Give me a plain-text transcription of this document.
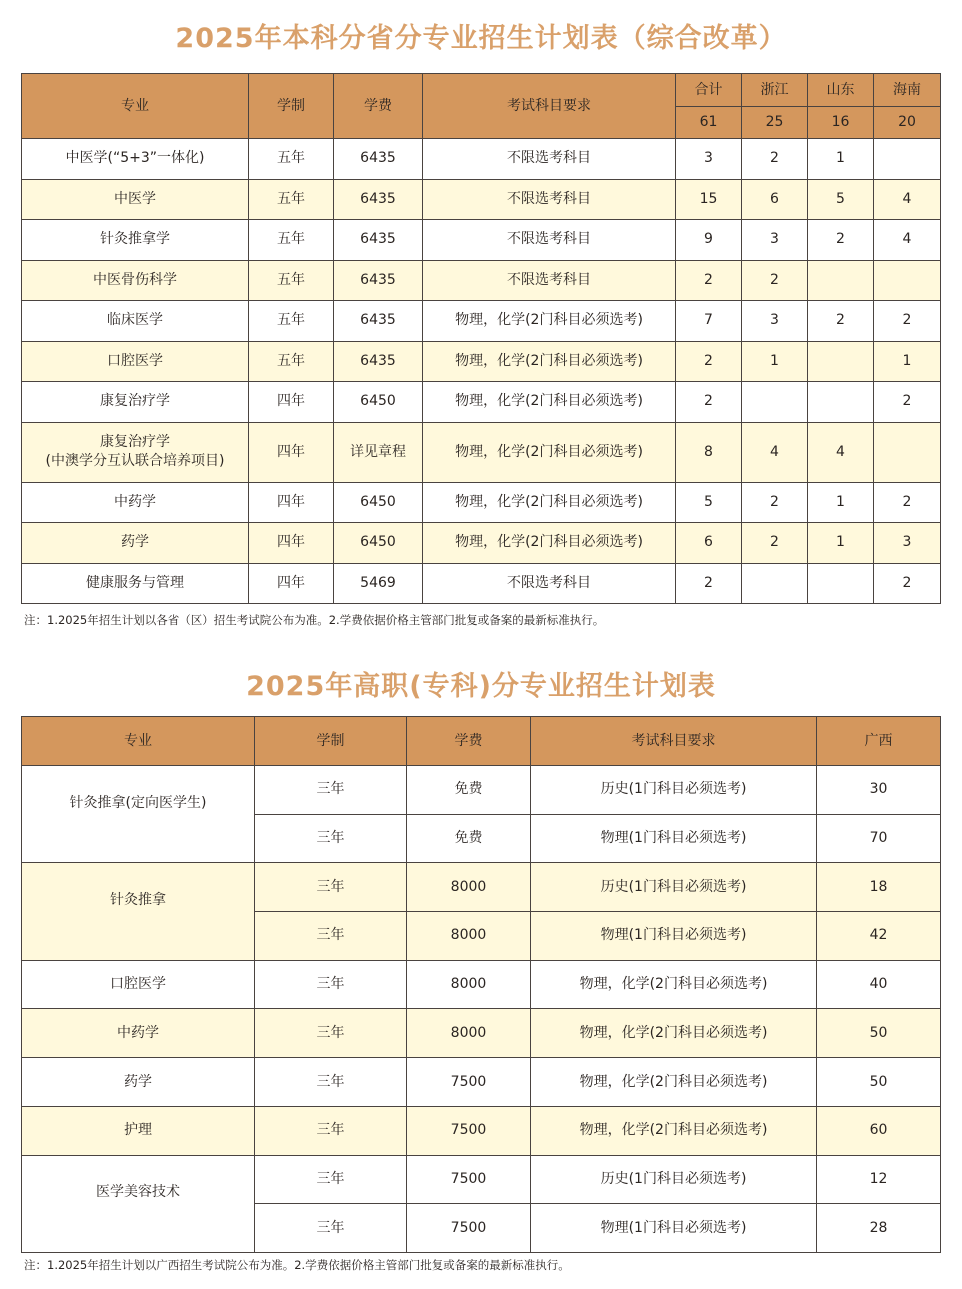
2025年本科分省分专业招生计划表（综合改革）
专业	学制	学费	考试科目要求	合计	浙江	山东	海南
				61	25	16	20

中医学(“5+3”一体化)	五年	6435	不限选考科目	3	2	1	

中医学	五年	6435	不限选考科目	15	6	5	4

针灸推拿学	五年	6435	不限选考科目	9	3	2	4

中医骨伤科学	五年	6435	不限选考科目	2	2		

临床医学	五年	6435	物理，化学(2门科目必须选考)	7	3	2	2

口腔医学	五年	6435	物理，化学(2门科目必须选考)	2	1		1

康复治疗学	四年	6450	物理，化学(2门科目必须选考)	2			2

康复治疗学
(中澳学分互认联合培养项目)	四年	详见章程	物理，化学(2门科目必须选考)	8	4	4	

中药学	四年	6450	物理，化学(2门科目必须选考)	5	2	1	2

药学	四年	6450	物理，化学(2门科目必须选考)	6	2	1	3

健康服务与管理	四年	5469	不限选考科目	2			2
注：1.2025年招生计划以各省（区）招生考试院公布为准。2.学费依据价格主管部门批复或备案的最新标准执行。
2025年高职(专科)分专业招生计划表
专业	学制	学费	考试科目要求	广西
针灸推拿(定向医学生)	三年	免费	历史(1门科目必须选考)	30
	三年	免费	物理(1门科目必须选考)	70
针灸推拿	三年	8000	历史(1门科目必须选考)	18
	三年	8000	物理(1门科目必须选考)	42
口腔医学	三年	8000	物理，化学(2门科目必须选考)	40
中药学	三年	8000	物理，化学(2门科目必须选考)	50
药学	三年	7500	物理，化学(2门科目必须选考)	50
护理	三年	7500	物理，化学(2门科目必须选考)	60
医学美容技术	三年	7500	历史(1门科目必须选考)	12
	三年	7500	物理(1门科目必须选考)	28
注：1.2025年招生计划以广西招生考试院公布为准。2.学费依据价格主管部门批复或备案的最新标准执行。
